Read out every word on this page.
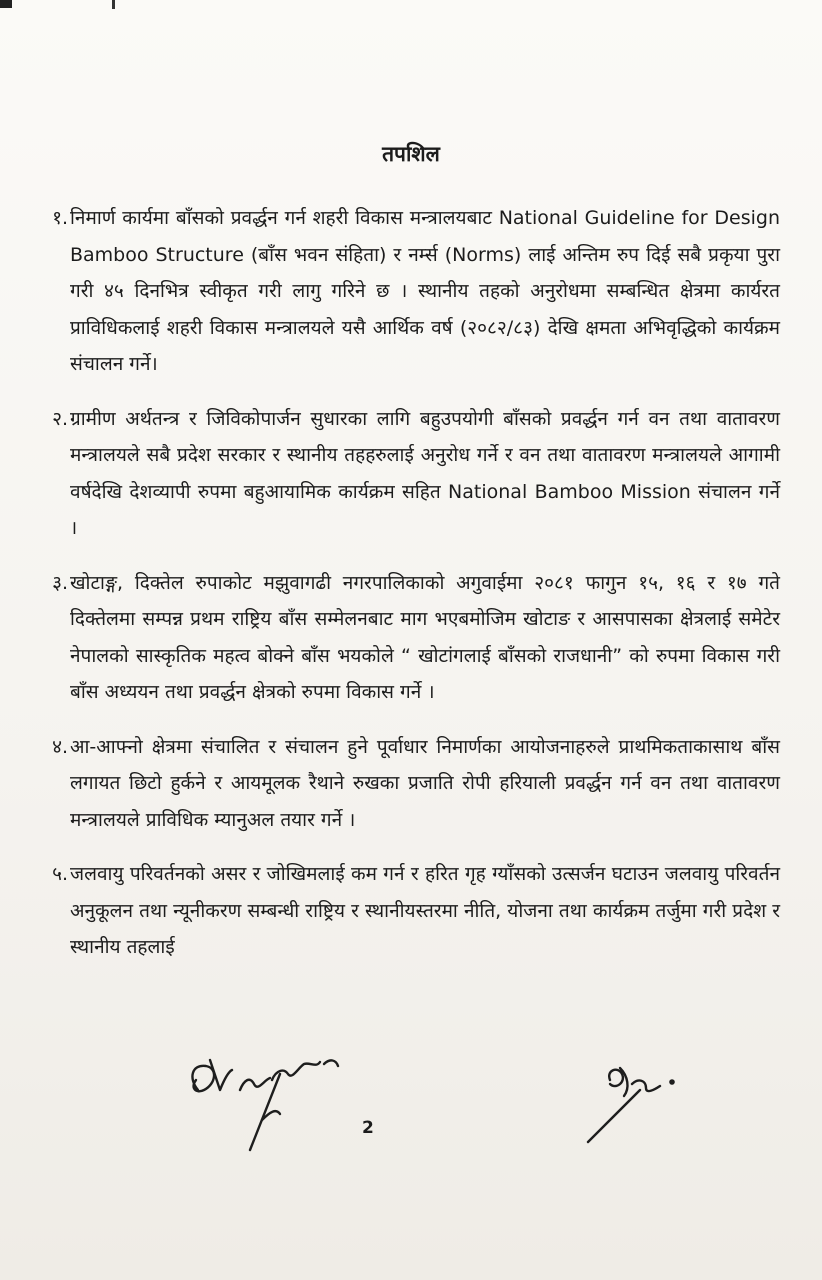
तपशिल
१. निमार्ण कार्यमा बाँसको प्रवर्द्धन गर्न शहरी विकास मन्त्रालयबाट National Guideline for Design Bamboo Structure (बाँस भवन संहिता) र नर्म्स (Norms) लाई अन्तिम रुप दिई सबै प्रकृया पुरा गरी ४५ दिनभित्र स्वीकृत गरी लागु गरिने छ । स्थानीय तहको अनुरोधमा सम्बन्धित क्षेत्रमा कार्यरत प्राविधिकलाई शहरी विकास मन्त्रालयले यसै आर्थिक वर्ष (२०८२/८३) देखि क्षमता अभिवृद्धिको कार्यक्रम संचालन गर्ने।
२. ग्रामीण अर्थतन्त्र र जिविकोपार्जन सुधारका लागि बहुउपयोगी बाँसको प्रवर्द्धन गर्न वन तथा वातावरण मन्त्रालयले सबै प्रदेश सरकार र स्थानीय तहहरुलाई अनुरोध गर्ने र वन तथा वातावरण मन्त्रालयले आगामी वर्षदेखि देशव्यापी रुपमा बहुआयामिक कार्यक्रम सहित National Bamboo Mission संचालन गर्ने ।
३. खोटाङ्ग, दिक्तेल रुपाकोट मझुवागढी नगरपालिकाको अगुवाईमा २०८१ फागुन १५, १६ र १७ गते दिक्तेलमा सम्पन्न प्रथम राष्ट्रिय बाँस सम्मेलनबाट माग भएबमोजिम खोटाङ र आसपासका क्षेत्रलाई समेटेर नेपालको सास्कृतिक महत्व बोक्ने बाँस भयकोले “ खोटांगलाई बाँसको राजधानी” को रुपमा विकास गरी बाँस अध्ययन तथा प्रवर्द्धन क्षेत्रको रुपमा विकास गर्ने ।
४. आ-आफ्नो क्षेत्रमा संचालित र संचालन हुने पूर्वाधार निमार्णका आयोजनाहरुले प्राथमिकताकासाथ बाँस लगायत छिटो हुर्कने र आयमूलक रैथाने रुखका प्रजाति रोपी हरियाली प्रवर्द्धन गर्न वन तथा वातावरण मन्त्रालयले प्राविधिक म्यानुअल तयार गर्ने ।
५. जलवायु परिवर्तनको असर र जोखिमलाई कम गर्न र हरित गृह ग्याँसको उत्सर्जन घटाउन जलवायु परिवर्तन अनुकूलन तथा न्यूनीकरण सम्बन्धी राष्ट्रिय र स्थानीयस्तरमा नीति, योजना तथा कार्यक्रम तर्जुमा गरी प्रदेश र स्थानीय तहलाई
2
